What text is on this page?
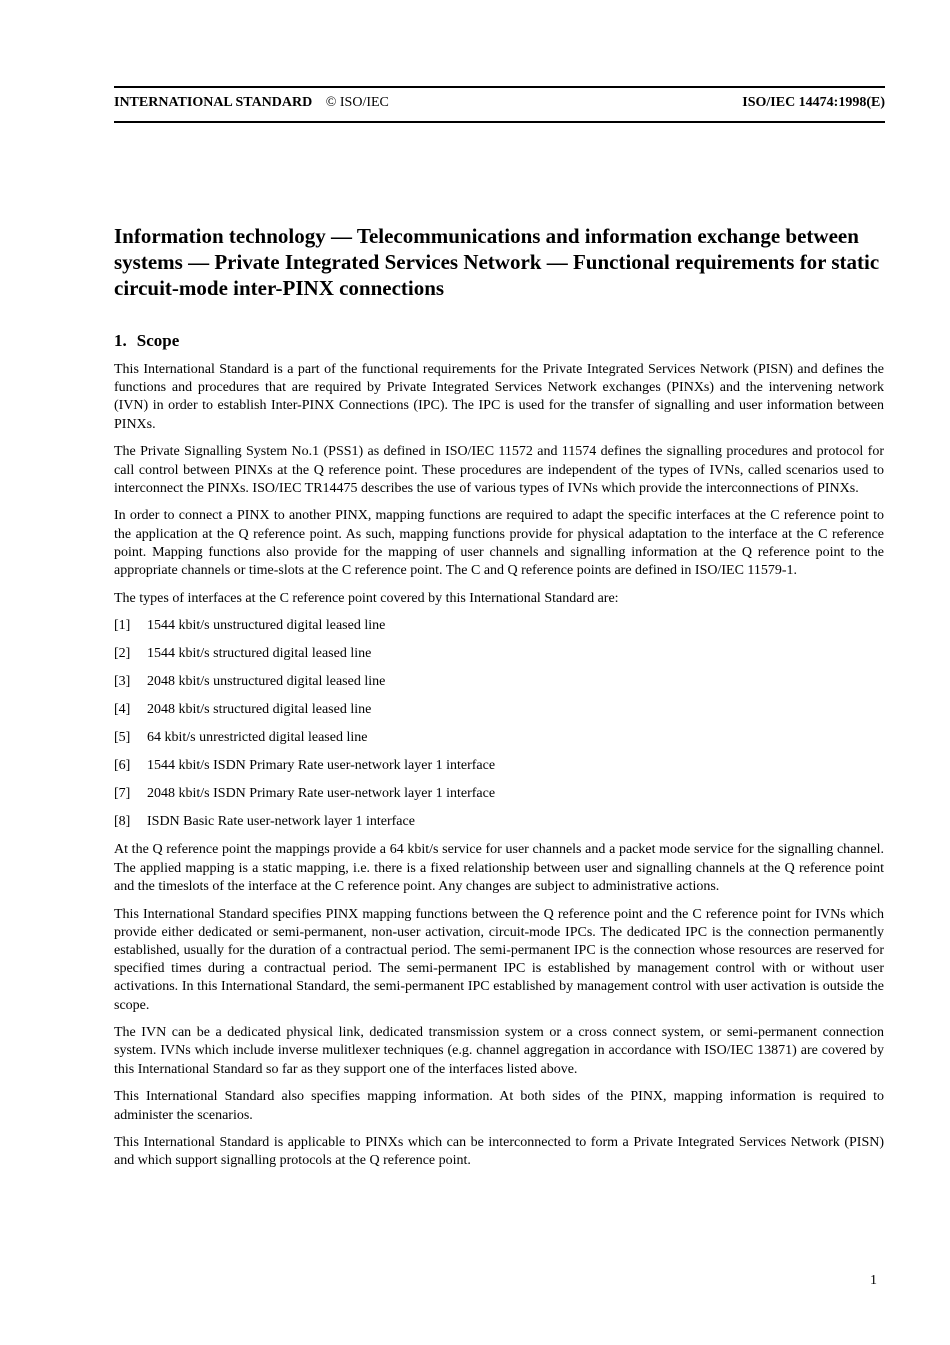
INTERNATIONAL STANDARD © ISO/IEC	ISO/IEC 14474:1998(E)
Information technology — Telecommunications and information exchange between systems — Private Integrated Services Network — Functional requirements for static circuit-mode inter-PINX connections
1. Scope

This International Standard is a part of the functional requirements for the Private Integrated Services Network (PISN) and defines the functions and procedures that are required by Private Integrated Services Network exchanges (PINXs) and the intervening network (IVN) in order to establish Inter-PINX Connections (IPC). The IPC is used for the transfer of signalling and user information between PINXs.

The Private Signalling System No.1 (PSS1) as defined in ISO/IEC 11572 and 11574 defines the signalling procedures and protocol for call control between PINXs at the Q reference point. These procedures are independent of the types of IVNs, called scenarios used to interconnect the PINXs. ISO/IEC TR14475 describes the use of various types of IVNs which provide the interconnections of PINXs.

In order to connect a PINX to another PINX, mapping functions are required to adapt the specific interfaces at the C reference point to the application at the Q reference point. As such, mapping functions provide for physical adaptation to the interface at the C reference point. Mapping functions also provide for the mapping of user channels and signalling information at the Q reference point to the appropriate channels or time-slots at the C reference point. The C and Q reference points are defined in ISO/IEC 11579-1.

The types of interfaces at the C reference point covered by this International Standard are:

[1] 1544 kbit/s unstructured digital leased line
[2] 1544 kbit/s structured digital leased line
[3] 2048 kbit/s unstructured digital leased line
[4] 2048 kbit/s structured digital leased line
[5] 64 kbit/s unrestricted digital leased line
[6] 1544 kbit/s ISDN Primary Rate user-network layer 1 interface
[7] 2048 kbit/s ISDN Primary Rate user-network layer 1 interface
[8] ISDN Basic Rate user-network layer 1 interface

At the Q reference point the mappings provide a 64 kbit/s service for user channels and a packet mode service for the signalling channel. The applied mapping is a static mapping, i.e. there is a fixed relationship between user and signalling channels at the Q reference point and the timeslots of the interface at the C reference point. Any changes are subject to administrative actions.

This International Standard specifies PINX mapping functions between the Q reference point and the C reference point for IVNs which provide either dedicated or semi-permanent, non-user activation, circuit-mode IPCs. The dedicated IPC is the connection permanently established, usually for the duration of a contractual period. The semi-permanent IPC is the connection whose resources are reserved for specified times during a contractual period. The semi-permanent IPC is established by management control with or without user activations. In this International Standard, the semi-permanent IPC established by management control with user activation is outside the scope.

The IVN can be a dedicated physical link, dedicated transmission system or a cross connect system, or semi-permanent connection system. IVNs which include inverse mulitlexer techniques (e.g. channel aggregation in accordance with ISO/IEC 13871) are covered by this International Standard so far as they support one of the interfaces listed above.

This International Standard also specifies mapping information. At both sides of the PINX, mapping information is required to administer the scenarios.

This International Standard is applicable to PINXs which can be interconnected to form a Private Integrated Services Network (PISN) and which support signalling protocols at the Q reference point.

1
